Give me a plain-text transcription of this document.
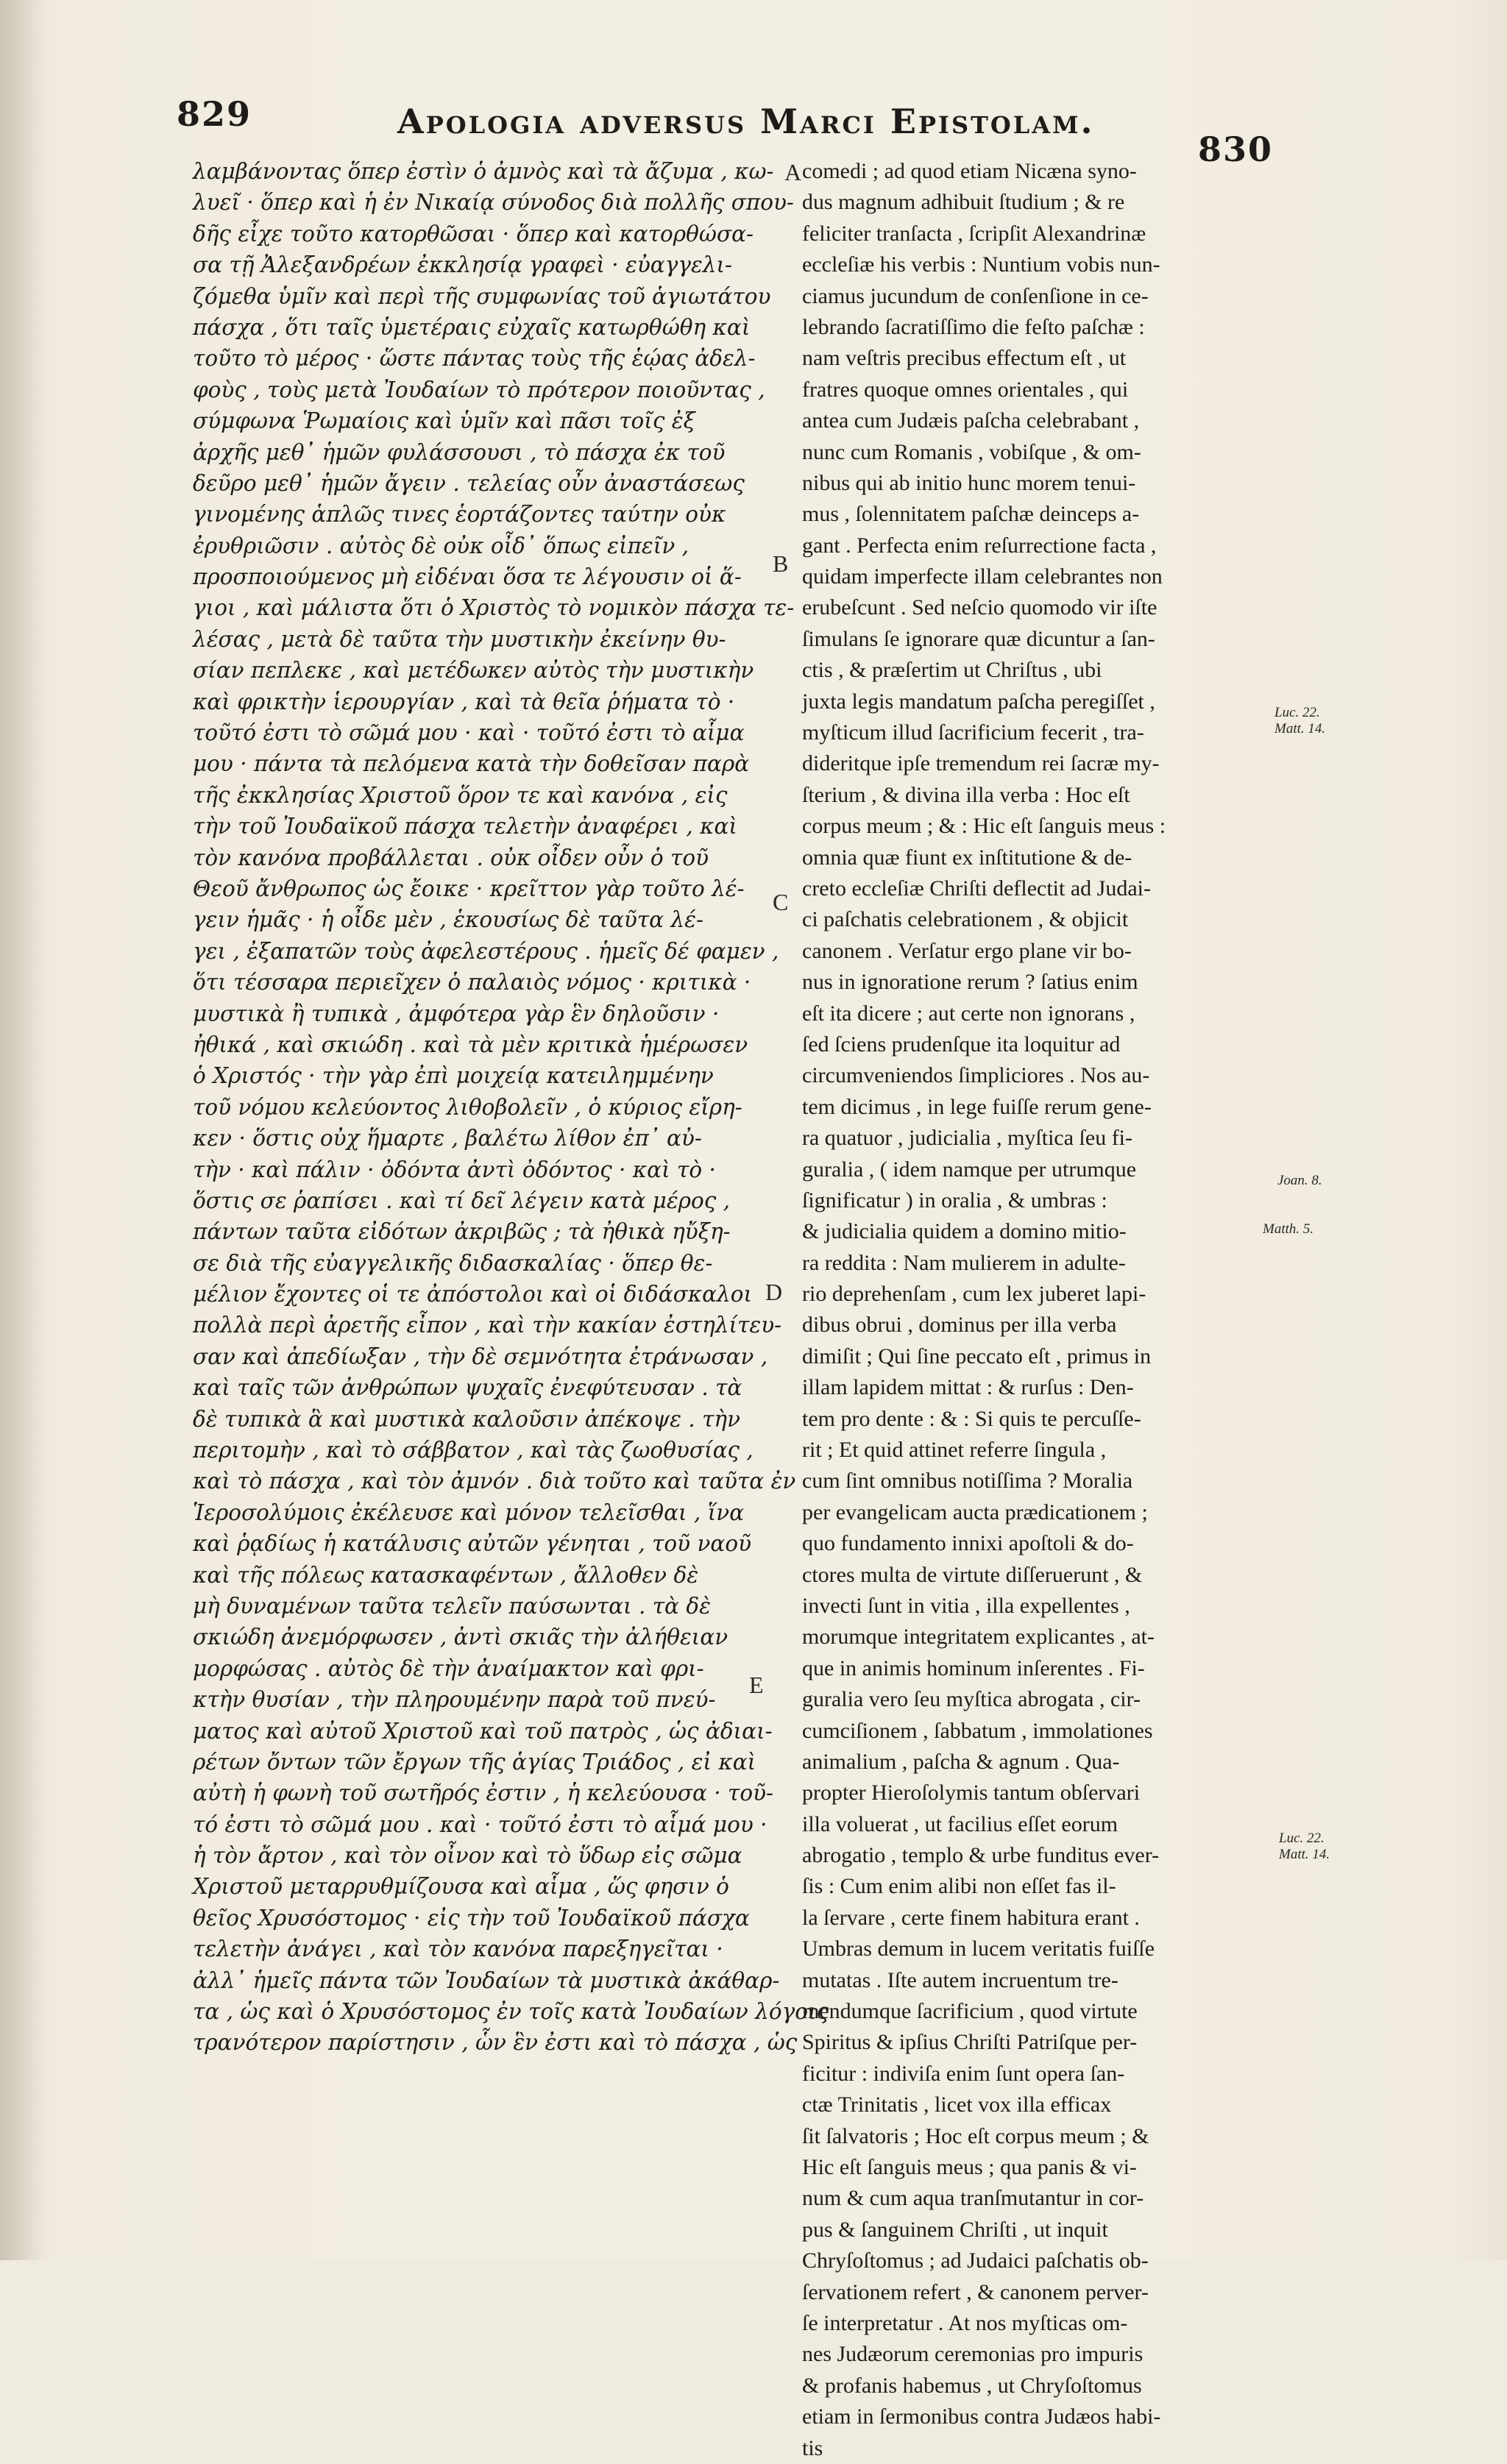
829	Apologia adversus Marci Epistolam.
830
λαμβάνοντας ὅπερ ἐστὶν ὁ ἀμνὸς καὶ τὰ ἄζυμα , κω-
λυεῖ · ὅπερ καὶ ἡ ἐν Νικαίᾳ σύνοδος διὰ πολλῆς σπου-
δῆς εἶχε τοῦτο κατορθῶσαι · ὅπερ καὶ κατορθώσα-
σα τῇ Ἀλεξανδρέων ἐκκλησίᾳ γραφεὶ · εὐαγγελι-
ζόμεθα ὑμῖν καὶ περὶ τῆς συμφωνίας τοῦ ἁγιωτάτου
πάσχα , ὅτι ταῖς ὑμετέραις εὐχαῖς κατωρθώθη καὶ
τοῦτο τὸ μέρος · ὥστε πάντας τοὺς τῆς ἑῴας ἀδελ-
φοὺς , τοὺς μετὰ Ἰουδαίων τὸ πρότερον ποιοῦντας ,
σύμφωνα Ῥωμαίοις καὶ ὑμῖν καὶ πᾶσι τοῖς ἐξ
ἀρχῆς μεθ᾽ ἡμῶν φυλάσσουσι , τὸ πάσχα ἐκ τοῦ
δεῦρο μεθ᾽ ἡμῶν ἄγειν . τελείας οὖν ἀναστάσεως
γινομένης ἁπλῶς τινες ἑορτάζοντες ταύτην οὐκ
ἐρυθριῶσιν . αὐτὸς δὲ οὐκ οἶδ᾽ ὅπως εἰπεῖν ,
προσποιούμενος μὴ εἰδέναι ὅσα τε λέγουσιν οἱ ἅ-
γιοι , καὶ μάλιστα ὅτι ὁ Χριστὸς τὸ νομικὸν πάσχα τε-
λέσας , μετὰ δὲ ταῦτα τὴν μυστικὴν ἐκείνην θυ-
σίαν πεπλεκε , καὶ μετέδωκεν αὐτὸς τὴν μυστικὴν
καὶ φρικτὴν ἱερουργίαν , καὶ τὰ θεῖα ῥήματα τὸ ·
τοῦτό ἐστι τὸ σῶμά μου · καὶ · τοῦτό ἐστι τὸ αἷμα
μου · πάντα τὰ πελόμενα κατὰ τὴν δοθεῖσαν παρὰ
τῆς ἐκκλησίας Χριστοῦ ὅρον τε καὶ κανόνα , εἰς
τὴν τοῦ Ἰουδαϊκοῦ πάσχα τελετὴν ἀναφέρει , καὶ
τὸν κανόνα προβάλλεται . οὐκ οἶδεν οὖν ὁ τοῦ
Θεοῦ ἄνθρωπος ὡς ἔοικε · κρεῖττον γὰρ τοῦτο λέ-
γειν ἡμᾶς · ἡ οἶδε μὲν , ἑκουσίως δὲ ταῦτα λέ-
γει , ἐξαπατῶν τοὺς ἀφελεστέρους . ἡμεῖς δέ φαμεν ,
ὅτι τέσσαρα περιεῖχεν ὁ παλαιὸς νόμος · κριτικὰ ·
μυστικὰ ἢ τυπικὰ , ἀμφότερα γὰρ ἓν δηλοῦσιν ·
ἠθικά , καὶ σκιώδη . καὶ τὰ μὲν κριτικὰ ἡμέρωσεν
ὁ Χριστός · τὴν γὰρ ἐπὶ μοιχείᾳ κατειλημμένην
τοῦ νόμου κελεύοντος λιθοβολεῖν , ὁ κύριος εἴρη-
κεν · ὅστις οὐχ ἥμαρτε , βαλέτω λίθον ἐπ᾽ αὐ-
τὴν · καὶ πάλιν · ὀδόντα ἀντὶ ὀδόντος · καὶ τὸ ·
ὅστις σε ῥαπίσει . καὶ τί δεῖ λέγειν κατὰ μέρος ,
πάντων ταῦτα εἰδότων ἀκριβῶς ; τὰ ἠθικὰ ηὔξη-
σε διὰ τῆς εὐαγγελικῆς διδασκαλίας · ὅπερ θε-
μέλιον ἔχοντες οἱ τε ἀπόστολοι καὶ οἱ διδάσκαλοι
πολλὰ περὶ ἀρετῆς εἶπον , καὶ τὴν κακίαν ἐστηλίτευ-
σαν καὶ ἀπεδίωξαν , τὴν δὲ σεμνότητα ἐτράνωσαν ,
καὶ ταῖς τῶν ἀνθρώπων ψυχαῖς ἐνεφύτευσαν . τὰ
δὲ τυπικὰ ἃ καὶ μυστικὰ καλοῦσιν ἀπέκοψε . τὴν
περιτομὴν , καὶ τὸ σάββατον , καὶ τὰς ζωοθυσίας ,
καὶ τὸ πάσχα , καὶ τὸν ἀμνόν . διὰ τοῦτο καὶ ταῦτα ἐν
Ἱεροσολύμοις ἐκέλευσε καὶ μόνον τελεῖσθαι , ἵνα
καὶ ῥᾳδίως ἡ κατάλυσις αὐτῶν γένηται , τοῦ ναοῦ
καὶ τῆς πόλεως κατασκαφέντων , ἄλλοθεν δὲ
μὴ δυναμένων ταῦτα τελεῖν παύσωνται . τὰ δὲ
σκιώδη ἀνεμόρφωσεν , ἀντὶ σκιᾶς τὴν ἀλήθειαν
μορφώσας . αὐτὸς δὲ τὴν ἀναίμακτον καὶ φρι-
κτὴν θυσίαν , τὴν πληρουμένην παρὰ τοῦ πνεύ-
ματος καὶ αὐτοῦ Χριστοῦ καὶ τοῦ πατρὸς , ὡς ἀδιαι-
ρέτων ὄντων τῶν ἔργων τῆς ἁγίας Τριάδος , εἰ καὶ
αὐτὴ ἡ φωνὴ τοῦ σωτῆρός ἐστιν , ἡ κελεύουσα · τοῦ-
τό ἐστι τὸ σῶμά μου . καὶ · τοῦτό ἐστι τὸ αἷμά μου ·
ἡ τὸν ἄρτον , καὶ τὸν οἶνον καὶ τὸ ὕδωρ εἰς σῶμα
Χριστοῦ μεταρρυθμίζουσα καὶ αἷμα , ὥς φησιν ὁ
θεῖος Χρυσόστομος · εἰς τὴν τοῦ Ἰουδαϊκοῦ πάσχα
τελετὴν ἀνάγει , καὶ τὸν κανόνα παρεξηγεῖται ·
ἀλλ᾽ ἡμεῖς πάντα τῶν Ἰουδαίων τὰ μυστικὰ ἀκάθαρ-
τα , ὡς καὶ ὁ Χρυσόστομος ἐν τοῖς κατὰ Ἰουδαίων λόγοις
τρανότερον παρίστησιν , ὧν ἓν ἐστι καὶ τὸ πάσχα , ὡς
comedi ; ad quod etiam Nicæna syno-
dus magnum adhibuit ſtudium ; & re
feliciter tranſacta , ſcripſit Alexandrinæ
eccleſiæ his verbis : Nuntium vobis nun-
ciamus jucundum de conſenſione in ce-
lebrando ſacratiſſimo die feſto paſchæ :
nam veſtris precibus effectum eſt , ut
fratres quoque omnes orientales , qui
antea cum Judæis paſcha celebrabant ,
nunc cum Romanis , vobiſque , & om-
nibus qui ab initio hunc morem tenui-
mus , ſolennitatem paſchæ deinceps a-
gant . Perfecta enim reſurrectione facta ,
quidam imperfecte illam celebrantes non
erubeſcunt . Sed neſcio quomodo vir iſte
ſimulans ſe ignorare quæ dicuntur a ſan-
ctis , & præſertim ut Chriſtus , ubi
juxta legis mandatum paſcha peregiſſet ,
myſticum illud ſacrificium fecerit , tra-
dideritque ipſe tremendum rei ſacræ my-
ſterium , & divina illa verba : Hoc eſt
corpus meum ; & : Hic eſt ſanguis meus :
omnia quæ fiunt ex inſtitutione & de-
creto eccleſiæ Chriſti deflectit ad Judai-
ci paſchatis celebrationem , & objicit
canonem . Verſatur ergo plane vir bo-
nus in ignoratione rerum ? ſatius enim
eſt ita dicere ; aut certe non ignorans ,
ſed ſciens prudenſque ita loquitur ad
circumveniendos ſimpliciores . Nos au-
tem dicimus , in lege fuiſſe rerum gene-
ra quatuor , judicialia , myſtica ſeu fi-
guralia , ( idem namque per utrumque
ſignificatur ) in oralia , & umbras :
& judicialia quidem a domino mitio-
ra reddita : Nam mulierem in adulte-
rio deprehenſam , cum lex juberet lapi-
dibus obrui , dominus per illa verba
dimiſit ; Qui ſine peccato eſt , primus in
illam lapidem mittat : & rurſus : Den-
tem pro dente : & : Si quis te percuſſe-
rit ; Et quid attinet referre ſingula ,
cum ſint omnibus notiſſima ? Moralia
per evangelicam aucta prædicationem ;
quo fundamento innixi apoſtoli & do-
ctores multa de virtute diſſeruerunt , &
invecti ſunt in vitia , illa expellentes ,
morumque integritatem explicantes , at-
que in animis hominum inſerentes . Fi-
guralia vero ſeu myſtica abrogata , cir-
cumciſionem , ſabbatum , immolationes
animalium , paſcha & agnum . Qua-
propter Hieroſolymis tantum obſervari
illa voluerat , ut facilius eſſet eorum
abrogatio , templo & urbe funditus ever-
ſis : Cum enim alibi non eſſet fas il-
la ſervare , certe finem habitura erant .
Umbras demum in lucem veritatis fuiſſe
mutatas . Iſte autem incruentum tre-
mendumque ſacrificium , quod virtute
Spiritus & ipſius Chriſti Patriſque per-
ficitur : indiviſa enim ſunt opera ſan-
ctæ Trinitatis , licet vox illa efficax
ſit ſalvatoris ; Hoc eſt corpus meum ; &
Hic eſt ſanguis meus ; qua panis & vi-
num & cum aqua tranſmutantur in cor-
pus & ſanguinem Chriſti , ut inquit
Chryſoſtomus ; ad Judaici paſchatis ob-
ſervationem refert , & canonem perver-
ſe interpretatur . At nos myſticas om-
nes Judæorum ceremonias pro impuris
& profanis habemus , ut Chryſoſtomus
etiam in ſermonibus contra Judæos habi-
tis
A
B
C
D
E
Luc. 22.
Matt. 14.
Joan. 8.
Matth. 5.
Luc. 22.
Matt. 14.
